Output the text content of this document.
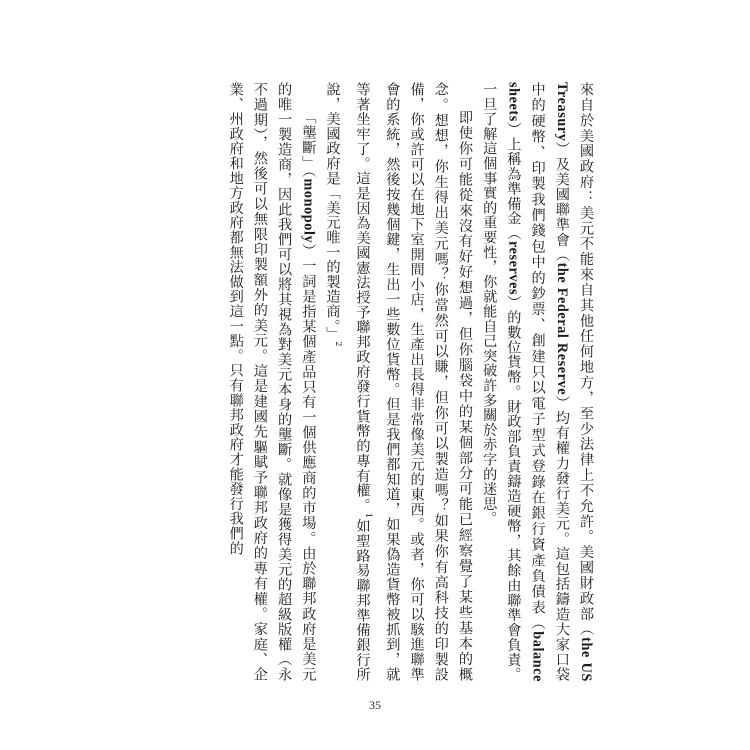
來自於美國政府：美元不能來自其他任何地方，至少法律上不允許。美國財政部（the US Treasury）及美國聯準會（the Federal Reserve）均有權力發行美元。這包括鑄造大家口袋中的硬幣、印製我們錢包中的鈔票、創建只以電子型式登錄在銀行資產負債表（balance sheets）上稱為準備金（reserves）的數位貨幣。財政部負責鑄造硬幣，其餘由聯準會負責。一旦了解這個事實的重要性，你就能自己突破許多關於赤字的迷思。

即使你可能從來沒有好好想過，但你腦袋中的某個部分可能已經察覺了某些基本的概念。想想，你生得出美元嗎？你當然可以賺，但你可以製造嗎？如果你有高科技的印製設備，你或許可以在地下室開間小店，生產出長得非常像美元的東西。或者，你可以駭進聯準會的系統，然後按幾個鍵，生出一些數位貨幣。但是我們都知道，如果偽造貨幣被抓到，就等著坐牢了。這是因為美國憲法授予聯邦政府發行貨幣的專有權。$^1$如聖路易聯邦準備銀行所說，美國政府是「美元唯一的製造商。」$^2$

「壟斷」（monopoly）一詞是指某個產品只有一個供應商的市場。由於聯邦政府是美元的唯一製造商，因此我們可以將其視為對美元本身的壟斷。就像是獲得美元的超級版權（永不過期），然後可以無限印製額外的美元。這是建國先驅賦予聯邦政府的專有權。家庭、企業、州政府和地方政府都無法做到這一點。只有聯邦政府才能發行我們的

35
